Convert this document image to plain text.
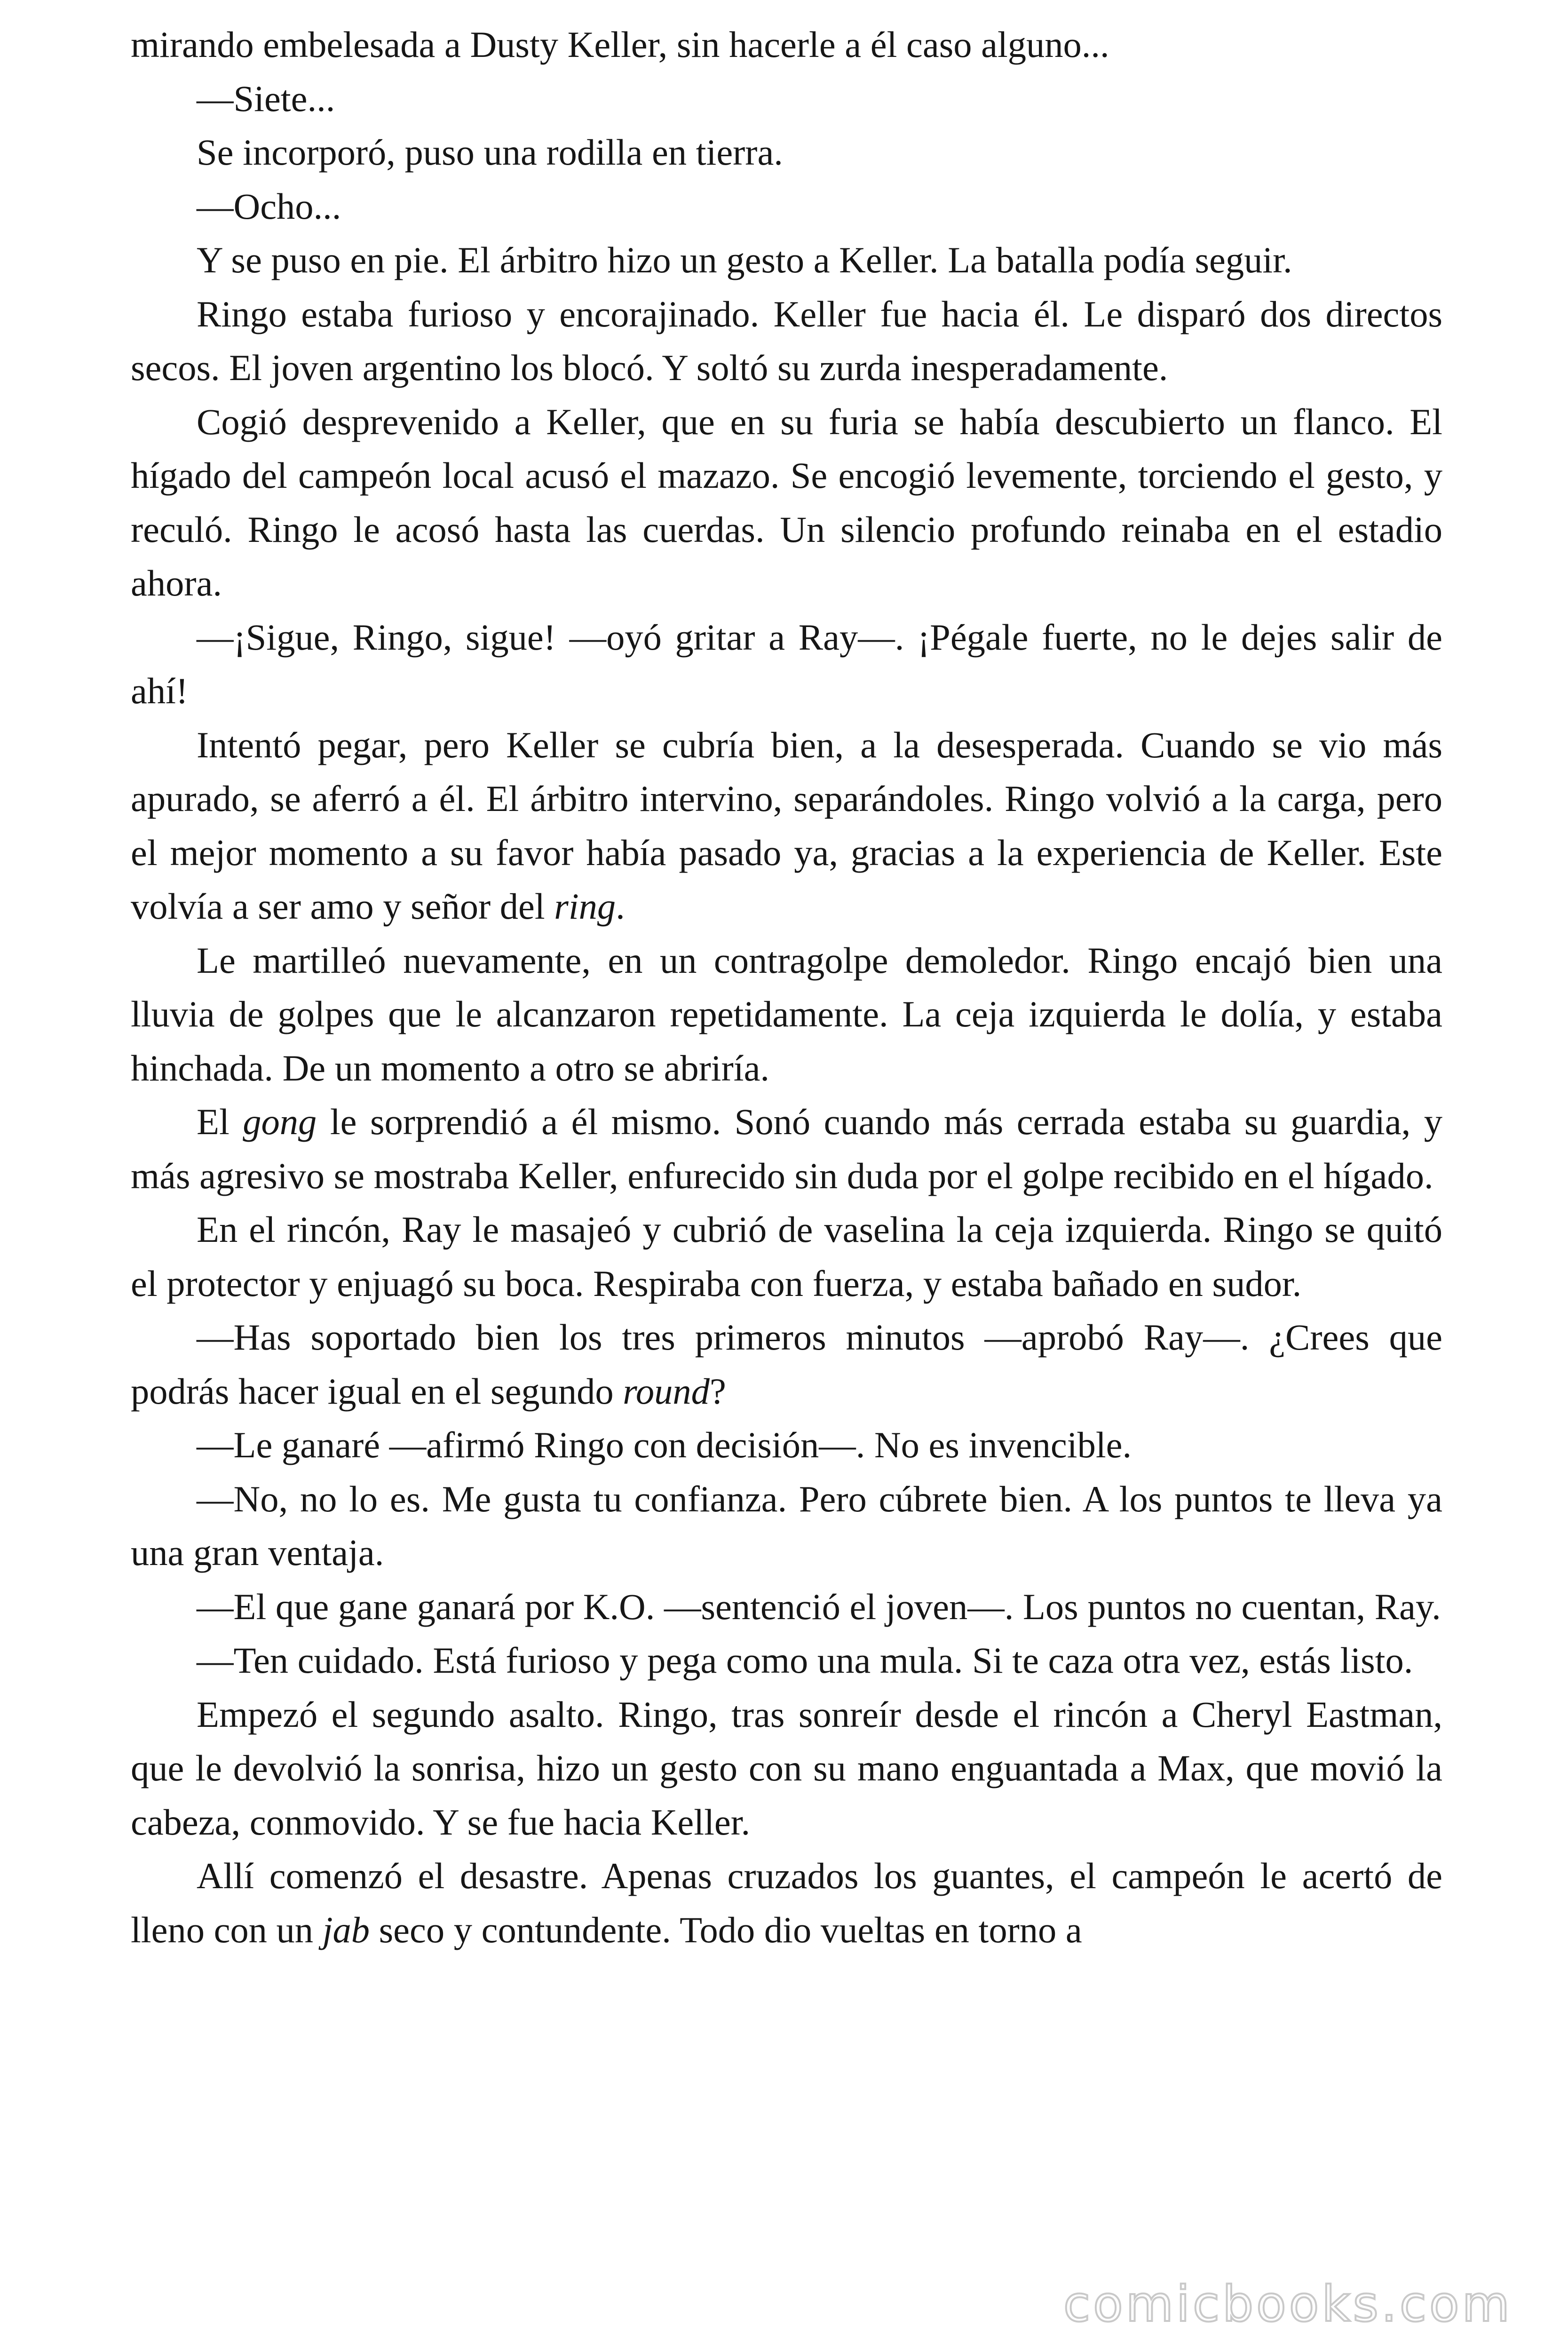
mirando embelesada a Dusty Keller, sin hacerle a él caso alguno...

—Siete...

Se incorporó, puso una rodilla en tierra.

—Ocho...

Y se puso en pie. El árbitro hizo un gesto a Keller. La batalla podía seguir.

Ringo estaba furioso y encorajinado. Keller fue hacia él. Le disparó dos directos secos. El joven argentino los blocó. Y soltó su zurda inesperadamente.

Cogió desprevenido a Keller, que en su furia se había descubierto un flanco. El hígado del campeón local acusó el mazazo. Se encogió levemente, torciendo el gesto, y reculó. Ringo le acosó hasta las cuerdas. Un silencio profundo reinaba en el estadio ahora.

—¡Sigue, Ringo, sigue! —oyó gritar a Ray—. ¡Pégale fuerte, no le dejes salir de ahí!

Intentó pegar, pero Keller se cubría bien, a la desesperada. Cuando se vio más apurado, se aferró a él. El árbitro intervino, separándoles. Ringo volvió a la carga, pero el mejor momento a su favor había pasado ya, gracias a la experiencia de Keller. Este volvía a ser amo y señor del ring.

Le martilleó nuevamente, en un contragolpe demoledor. Ringo encajó bien una lluvia de golpes que le alcanzaron repetidamente. La ceja izquierda le dolía, y estaba hinchada. De un momento a otro se abriría.

El gong le sorprendió a él mismo. Sonó cuando más cerrada estaba su guardia, y más agresivo se mostraba Keller, enfurecido sin duda por el golpe recibido en el hígado.

En el rincón, Ray le masajeó y cubrió de vaselina la ceja izquierda. Ringo se quitó el protector y enjuagó su boca. Respiraba con fuerza, y estaba bañado en sudor.

—Has soportado bien los tres primeros minutos —aprobó Ray—. ¿Crees que podrás hacer igual en el segundo round?

—Le ganaré —afirmó Ringo con decisión—. No es invencible.

—No, no lo es. Me gusta tu confianza. Pero cúbrete bien. A los puntos te lleva ya una gran ventaja.

—El que gane ganará por K.O. —sentenció el joven—. Los puntos no cuentan, Ray.

—Ten cuidado. Está furioso y pega como una mula. Si te caza otra vez, estás listo.

Empezó el segundo asalto. Ringo, tras sonreír desde el rincón a Cheryl Eastman, que le devolvió la sonrisa, hizo un gesto con su mano enguantada a Max, que movió la cabeza, conmovido. Y se fue hacia Keller.

Allí comenzó el desastre. Apenas cruzados los guantes, el campeón le acertó de lleno con un jab seco y contundente. Todo dio vueltas en torno a

comicbooks.com
